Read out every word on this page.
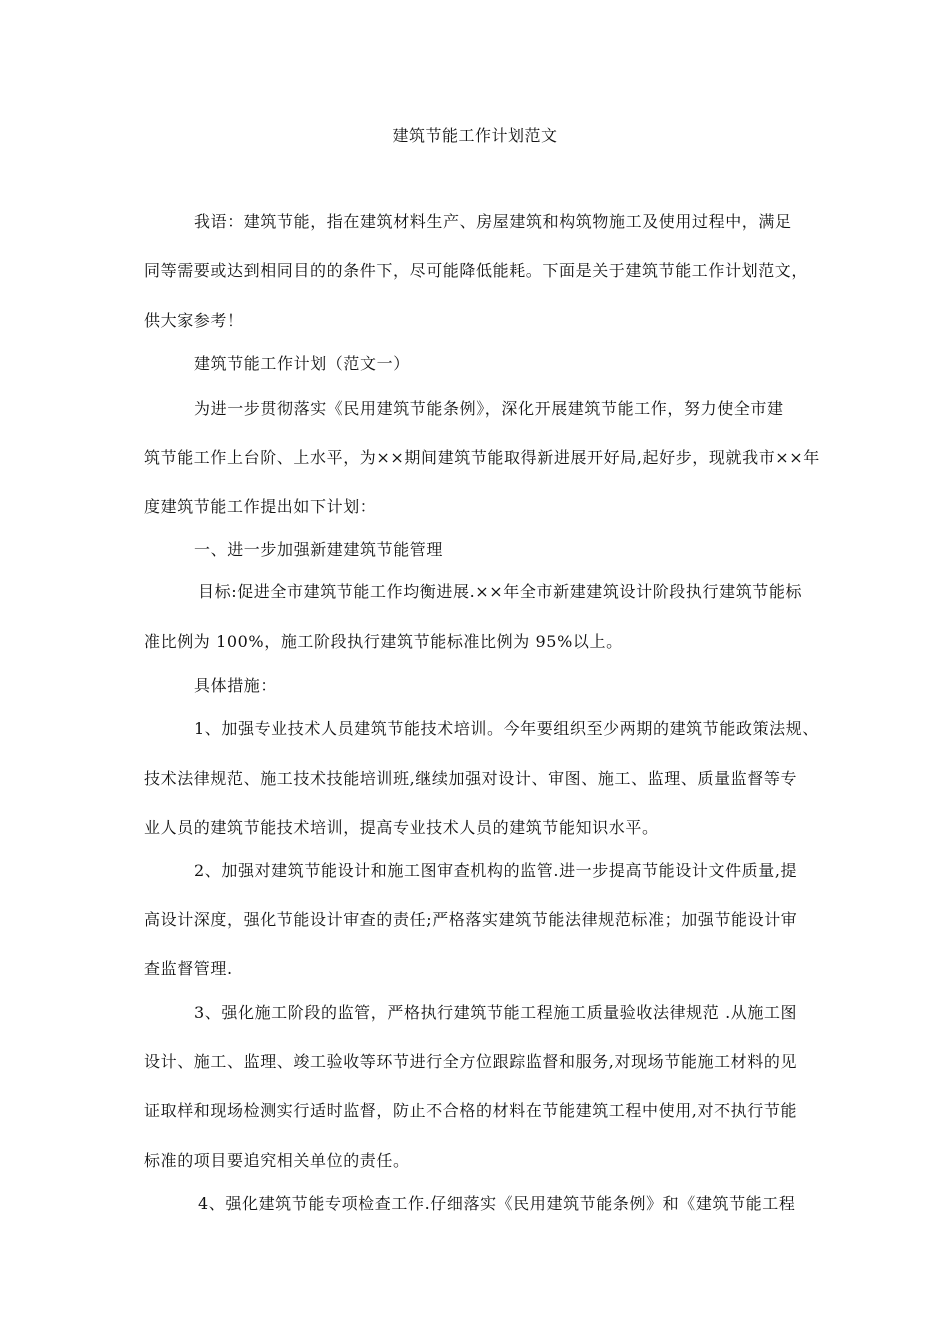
建筑节能工作计划范文
我语：建筑节能，指在建筑材料生产、房屋建筑和构筑物施工及使用过程中，满足
同等需要或达到相同目的的条件下，尽可能降低能耗。下面是关于建筑节能工作计划范文，
供大家参考！
建筑节能工作计划（范文一）
为进一步贯彻落实《民用建筑节能条例》，深化开展建筑节能工作，努力使全市建
筑节能工作上台阶、上水平，为××期间建筑节能取得新进展开好局,起好步，现就我市××年
度建筑节能工作提出如下计划：
一、进一步加强新建建筑节能管理
目标:促进全市建筑节能工作均衡进展.××年全市新建建筑设计阶段执行建筑节能标
准比例为 100%，施工阶段执行建筑节能标准比例为 95%以上。
具体措施：
1、加强专业技术人员建筑节能技术培训。今年要组织至少两期的建筑节能政策法规、
技术法律规范、施工技术技能培训班,继续加强对设计、审图、施工、监理、质量监督等专
业人员的建筑节能技术培训，提高专业技术人员的建筑节能知识水平。
2、加强对建筑节能设计和施工图审查机构的监管.进一步提高节能设计文件质量,提
高设计深度，强化节能设计审查的责任;严格落实建筑节能法律规范标准；加强节能设计审
查监督管理.
3、强化施工阶段的监管，严格执行建筑节能工程施工质量验收法律规范 .从施工图
设计、施工、监理、竣工验收等环节进行全方位跟踪监督和服务,对现场节能施工材料的见
证取样和现场检测实行适时监督，防止不合格的材料在节能建筑工程中使用,对不执行节能
标准的项目要追究相关单位的责任。
4、强化建筑节能专项检查工作.仔细落实《民用建筑节能条例》和《建筑节能工程
